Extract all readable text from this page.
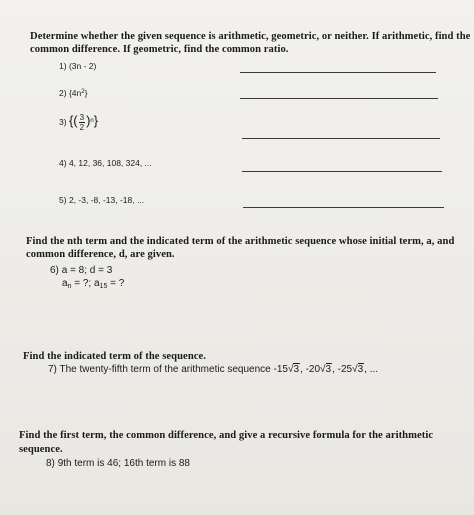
Determine whether the given sequence is arithmetic, geometric, or neither. If arithmetic, find the
common difference. If geometric, find the common ratio.
1) (3n - 2)
2) $\{4n^2\}$
3) {( $\frac{3}{2} )^n$}
4) 4, 12, 36, 108, 324, ...
5) 2, -3, -8, -13, -18, ...
Find the nth term and the indicated term of the arithmetic sequence whose initial term, a, and
common difference, d, are given.
6) a = 8; d = 3
$a_n$ = ?; $a_{15}$ = ?
Find the indicated term of the sequence.
7) The twenty-fifth term of the arithmetic sequence -15√3, -20√3, -25√3, ...
Find the first term, the common difference, and give a recursive formula for the arithmetic
sequence.
8) 9th term is 46; 16th term is 88
